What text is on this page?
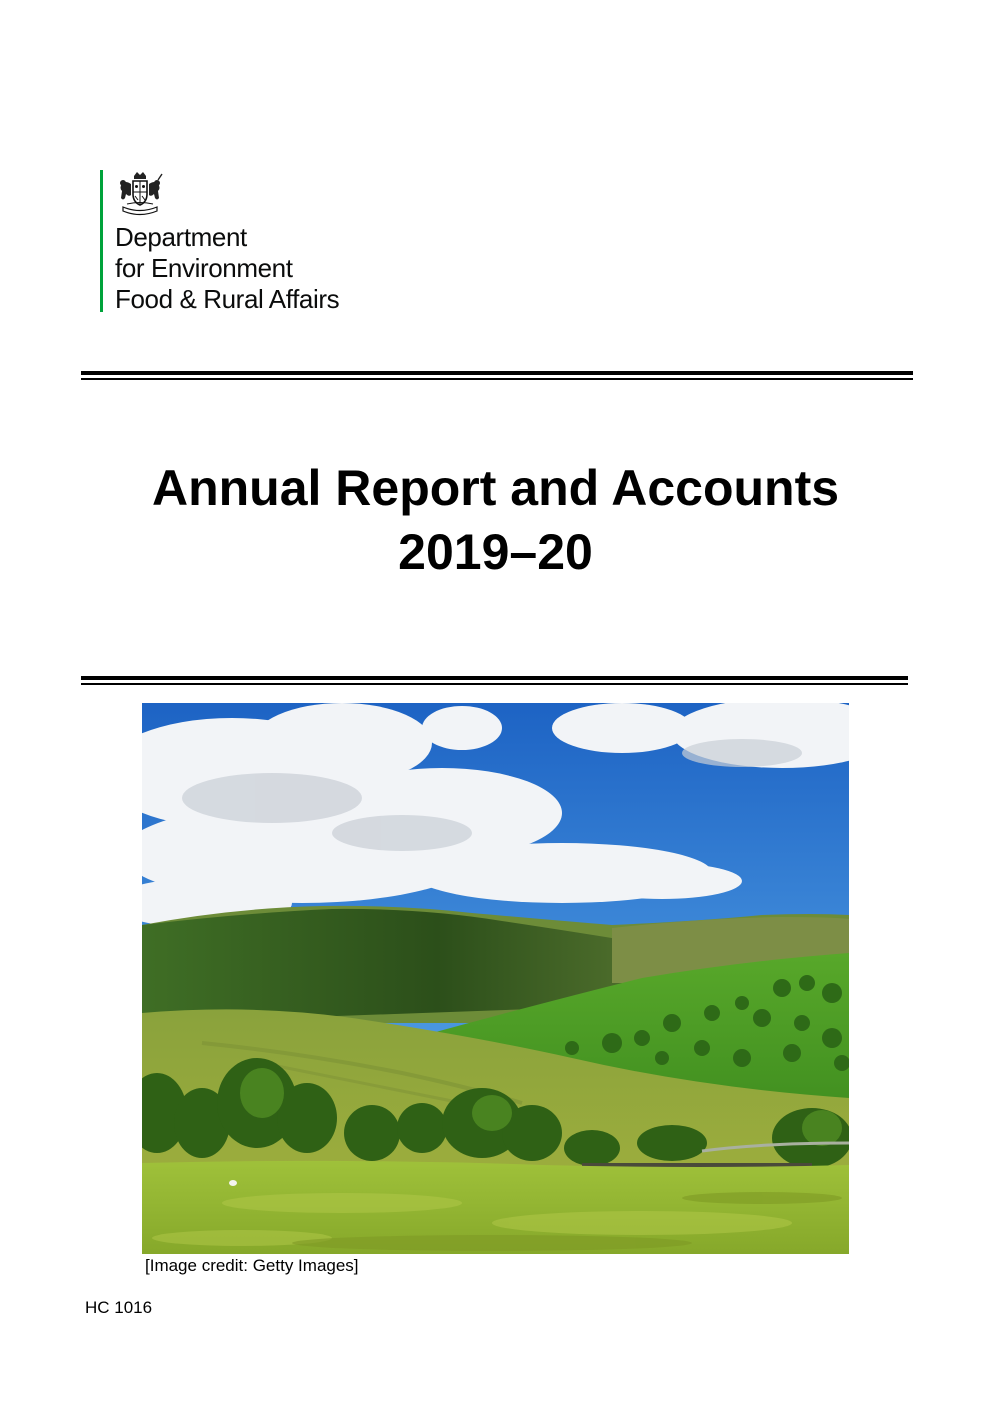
Department
for Environment
Food & Rural Affairs
Annual Report and Accounts
2019–20
[Image credit: Getty Images]
HC 1016
